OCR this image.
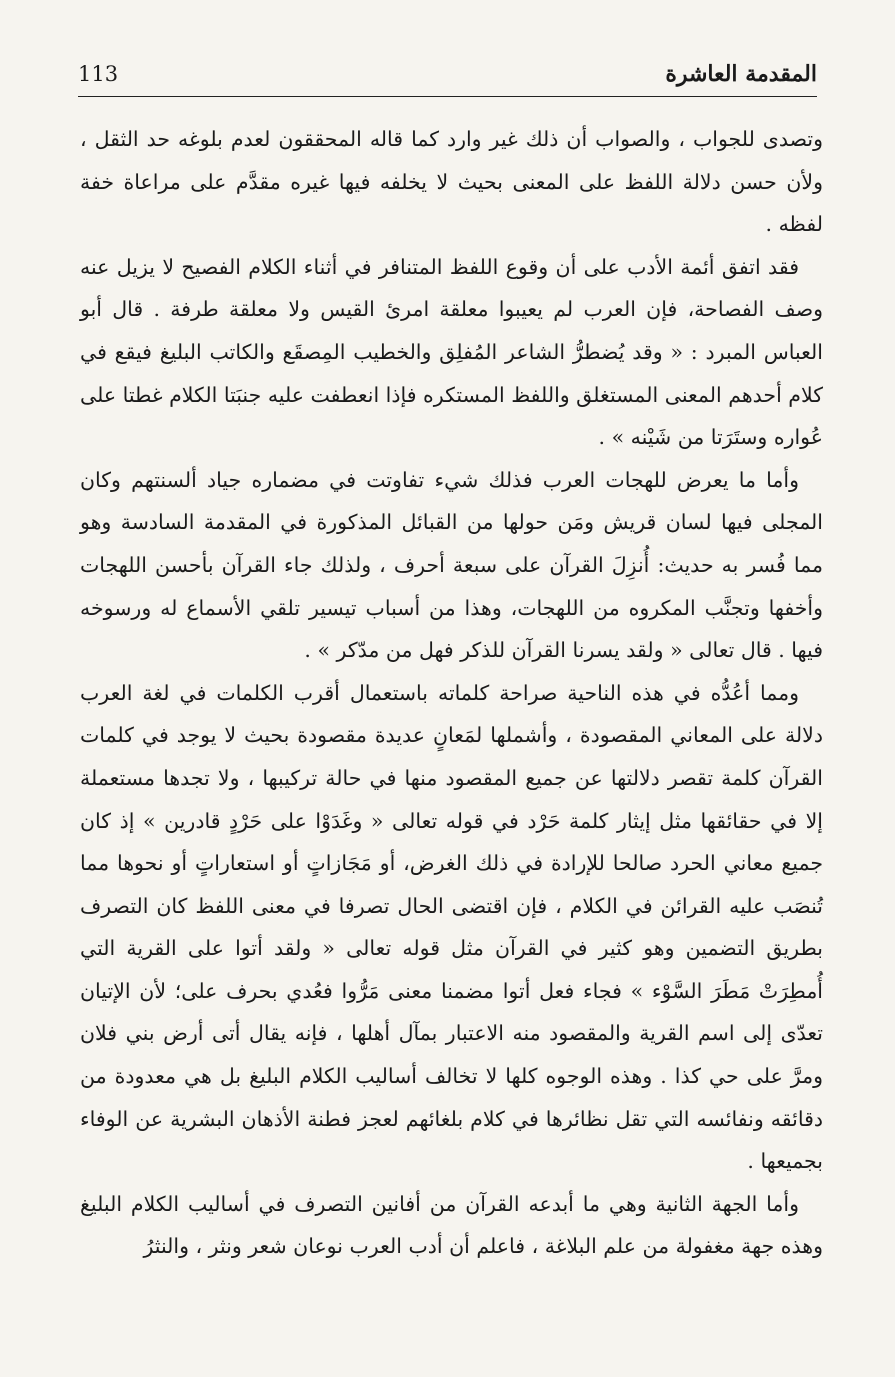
113	المقدمة العاشرة

وتصدى للجواب ، والصواب أن ذلك غير وارد كما قاله المحققون لعدم بلوغه حد الثقل ، ولأن حسن دلالة اللفظ على المعنى بحيث لا يخلفه فيها غيره مقدَّم على مراعاة خفة لفظه .

فقد اتفق أئمة الأدب على أن وقوع اللفظ المتنافر في أثناء الكلام الفصيح لا يزيل عنه وصف الفصاحة، فإن العرب لم يعيبوا معلقة امرئ القيس ولا معلقة طرفة . قال أبو العباس المبرد : « وقد يُضطرُّ الشاعر المُفلِق والخطيب المِصقَع والكاتب البليغ فيقع في كلام أحدهم المعنى المستغلق واللفظ المستكره فإذا انعطفت عليه جنبَتا الكلام غطتا على عُواره وستَرَتا من شَيْنه » .

وأما ما يعرض للهجات العرب فذلك شيء تفاوتت في مضماره جياد ألسنتهم وكان المجلى فيها لسان قريش ومَن حولها من القبائل المذكورة في المقدمة السادسة وهو مما فُسر به حديث: أُنزِلَ القرآن على سبعة أحرف ، ولذلك جاء القرآن بأحسن اللهجات وأخفها وتجنَّب المكروه من اللهجات، وهذا من أسباب تيسير تلقي الأسماع له ورسوخه فيها . قال تعالى « ولقد يسرنا القرآن للذكر فهل من مدّكر » .

ومما أعُدُّه في هذه الناحية صراحة كلماته باستعمال أقرب الكلمات في لغة العرب دلالة على المعاني المقصودة ، وأشملها لمَعانٍ عديدة مقصودة بحيث لا يوجد في كلمات القرآن كلمة تقصر دلالتها عن جميع المقصود منها في حالة تركيبها ، ولا تجدها مستعملة إلا في حقائقها مثل إيثار كلمة حَرْد في قوله تعالى « وغَدَوْا على حَرْدٍ قادرين » إذ كان جميع معاني الحرد صالحا للإرادة في ذلك الغرض، أو مَجَازاتٍ أو استعاراتٍ أو نحوها مما تُنصَب عليه القرائن في الكلام ، فإن اقتضى الحال تصرفا في معنى اللفظ كان التصرف بطريق التضمين وهو كثير في القرآن مثل قوله تعالى « ولقد أتوا على القرية التي أُمطِرَتْ مَطَرَ السَّوْء » فجاء فعل أتوا مضمنا معنى مَرُّوا فعُدي بحرف على؛ لأن الإتيان تعدّى إلى اسم القرية والمقصود منه الاعتبار بمآل أهلها ، فإنه يقال أتى أرض بني فلان ومرَّ على حي كذا . وهذه الوجوه كلها لا تخالف أساليب الكلام البليغ بل هي معدودة من دقائقه ونفائسه التي تقل نظائرها في كلام بلغائهم لعجز فطنة الأذهان البشرية عن الوفاء بجميعها .

وأما الجهة الثانية وهي ما أبدعه القرآن من أفانين التصرف في أساليب الكلام البليغ وهذه جهة مغفولة من علم البلاغة ، فاعلم أن أدب العرب نوعان شعر ونثر ، والنثرُ
